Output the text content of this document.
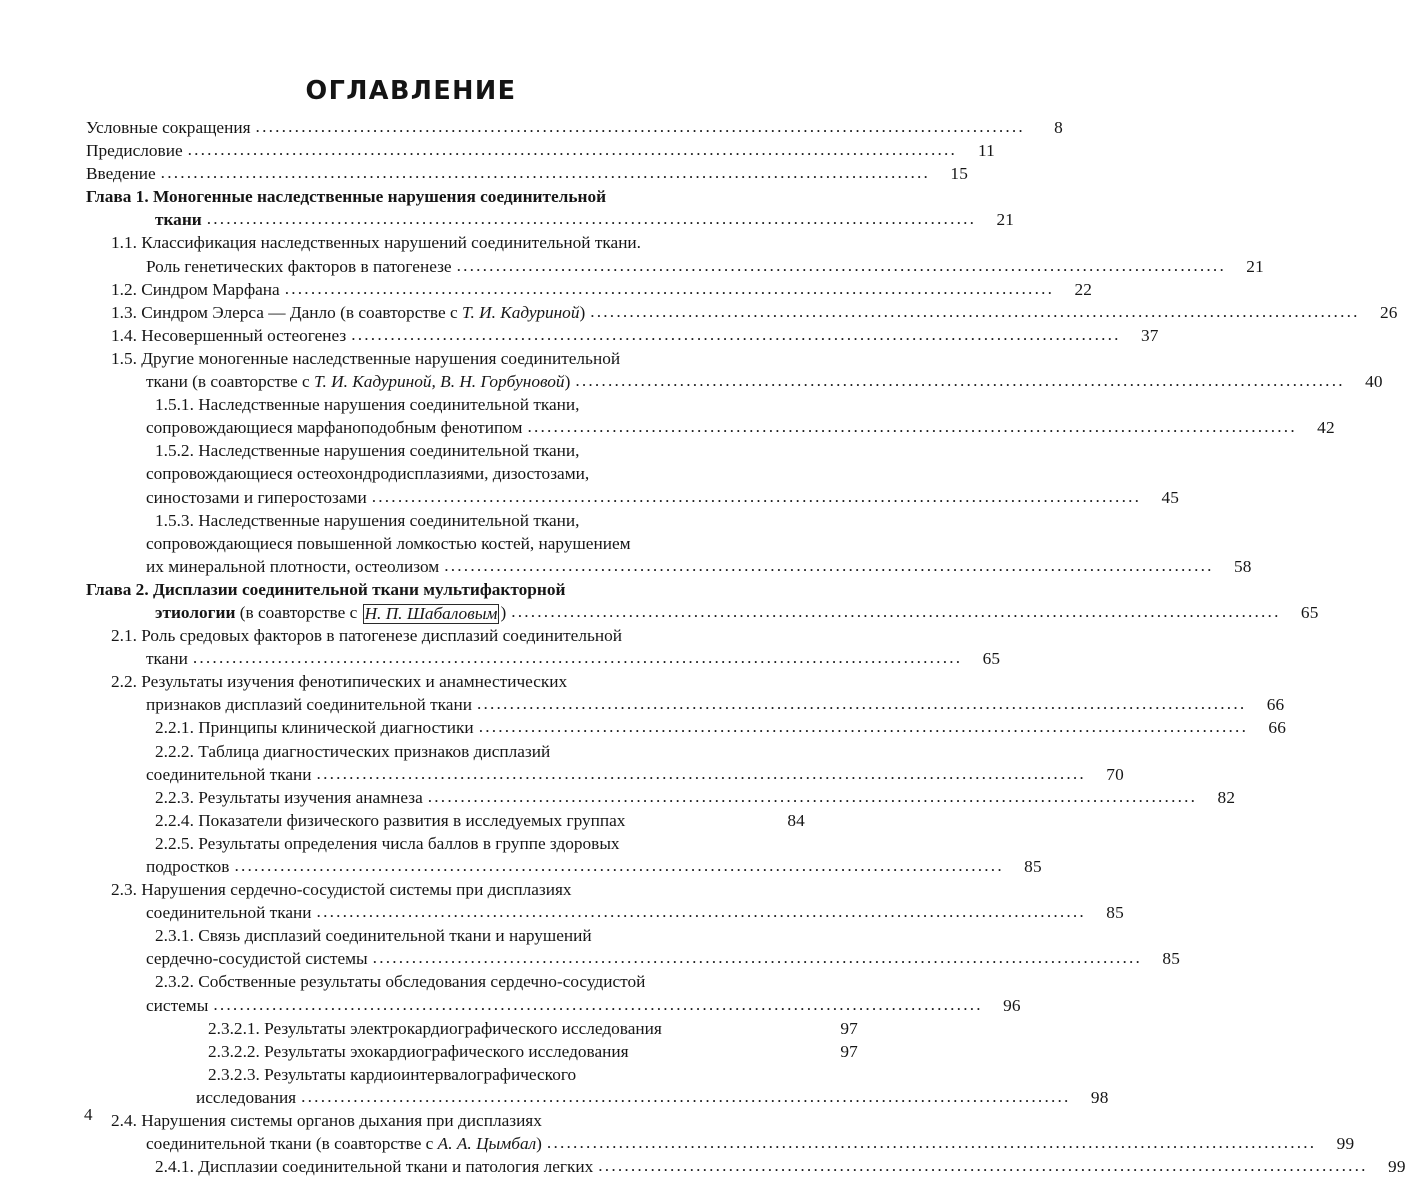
ОГЛАВЛЕНИЕ
Условные сокращения .....	8
Предисловие .....	11
Введение .....	15
Глава 1. Моногенные наследственные нарушения соединительной
ткани .....	21
1.1. Классификация наследственных нарушений соединительной ткани.
Роль генетических факторов в патогенезе .....	21
1.2. Синдром Марфана .....	22
1.3. Синдром Элерса — Данло (в соавторстве с Т. И. Кадуриной) .....	26
1.4. Несовершенный остеогенез .....	37
1.5. Другие моногенные наследственные нарушения соединительной
ткани (в соавторстве с Т. И. Кадуриной, В. Н. Горбуновой) .....	40
1.5.1. Наследственные нарушения соединительной ткани,
сопровождающиеся марфаноподобным фенотипом .....	42
1.5.2. Наследственные нарушения соединительной ткани,
сопровождающиеся остеохондродисплазиями, дизостозами,
синостозами и гиперостозами .....	45
1.5.3. Наследственные нарушения соединительной ткани,
сопровождающиеся повышенной ломкостью костей, нарушением
их минеральной плотности, остеолизом .....	58
Глава 2. Дисплазии соединительной ткани мультифакторной
этиологии (в соавторстве с Н. П. Шабаловым ) .....	65
2.1. Роль средовых факторов в патогенезе дисплазий соединительной
ткани .....	65
2.2. Результаты изучения фенотипических и анамнестических
признаков дисплазий соединительной ткани .....	66
2.2.1. Принципы клинической диагностики .....	66
2.2.2. Таблица диагностических признаков дисплазий
соединительной ткани .....	70
2.2.3. Результаты изучения анамнеза .....	82
2.2.4. Показатели физического развития в исследуемых группах	84
2.2.5. Результаты определения числа баллов в группе здоровых
подростков .....	85
2.3. Нарушения сердечно-сосудистой системы при дисплазиях
соединительной ткани .....	85
2.3.1. Связь дисплазий соединительной ткани и нарушений
сердечно-сосудистой системы .....	85
2.3.2. Собственные результаты обследования сердечно-сосудистой
системы .....	96
2.3.2.1. Результаты электрокардиографического исследования	97
2.3.2.2. Результаты эхокардиографического исследования	97
2.3.2.3. Результаты кардиоинтервалографического
исследования .....	98
2.4. Нарушения системы органов дыхания при дисплазиях
соединительной ткани (в соавторстве с А. А. Цымбал) .....	99
2.4.1. Дисплазии соединительной ткани и патология легких .....	99
4
